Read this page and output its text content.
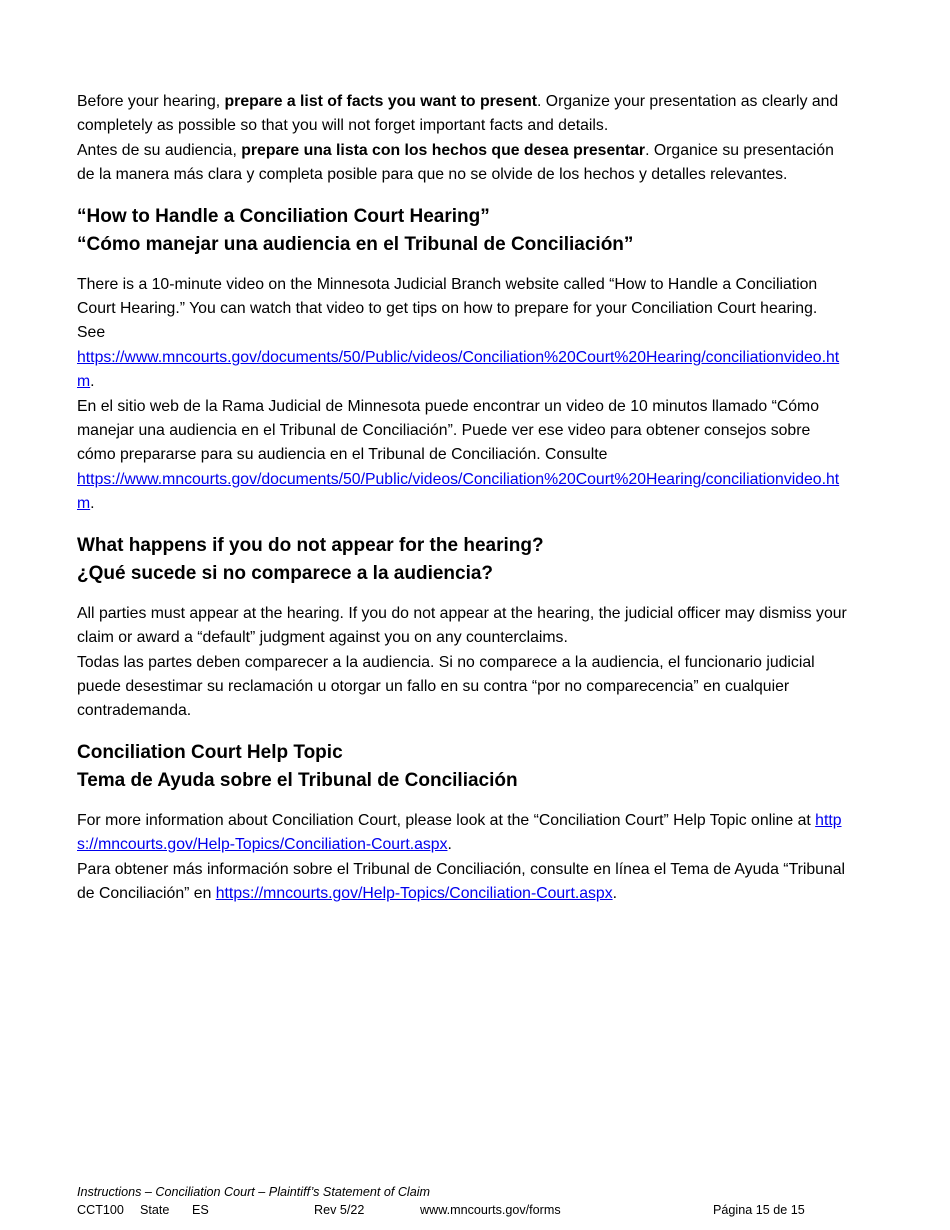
Before your hearing, prepare a list of facts you want to present. Organize your presentation as clearly and completely as possible so that you will not forget important facts and details.

Antes de su audiencia, prepare una lista con los hechos que desea presentar. Organice su presentación de la manera más clara y completa posible para que no se olvide de los hechos y detalles relevantes.

“How to Handle a Conciliation Court Hearing”
“Cómo manejar una audiencia en el Tribunal de Conciliación”

There is a 10-minute video on the Minnesota Judicial Branch website called “How to Handle a Conciliation Court Hearing.” You can watch that video to get tips on how to prepare for your Conciliation Court hearing. See
https://www.mncourts.gov/documents/50/Public/videos/Conciliation%20Court%20Hearing/conciliationvideo.htm.

En el sitio web de la Rama Judicial de Minnesota puede encontrar un video de 10 minutos llamado “Cómo manejar una audiencia en el Tribunal de Conciliación”. Puede ver ese video para obtener consejos sobre cómo prepararse para su audiencia en el Tribunal de Conciliación. Consulte
https://www.mncourts.gov/documents/50/Public/videos/Conciliation%20Court%20Hearing/conciliationvideo.htm.

What happens if you do not appear for the hearing?
¿Qué sucede si no comparece a la audiencia?

All parties must appear at the hearing. If you do not appear at the hearing, the judicial officer may dismiss your claim or award a “default” judgment against you on any counterclaims.

Todas las partes deben comparecer a la audiencia. Si no comparece a la audiencia, el funcionario judicial puede desestimar su reclamación u otorgar un fallo en su contra “por no comparecencia” en cualquier contrademanda.

Conciliation Court Help Topic
Tema de Ayuda sobre el Tribunal de Conciliación

For more information about Conciliation Court, please look at the “Conciliation Court” Help Topic online at https://mncourts.gov/Help-Topics/Conciliation-Court.aspx.

Para obtener más información sobre el Tribunal de Conciliación, consulte en línea el Tema de Ayuda “Tribunal de Conciliación” en https://mncourts.gov/Help-Topics/Conciliation-Court.aspx.

Instructions – Conciliation Court – Plaintiff’s Statement of Claim
CCT100 State ES	Rev 5/22	www.mncourts.gov/forms	Página 15 de 15
